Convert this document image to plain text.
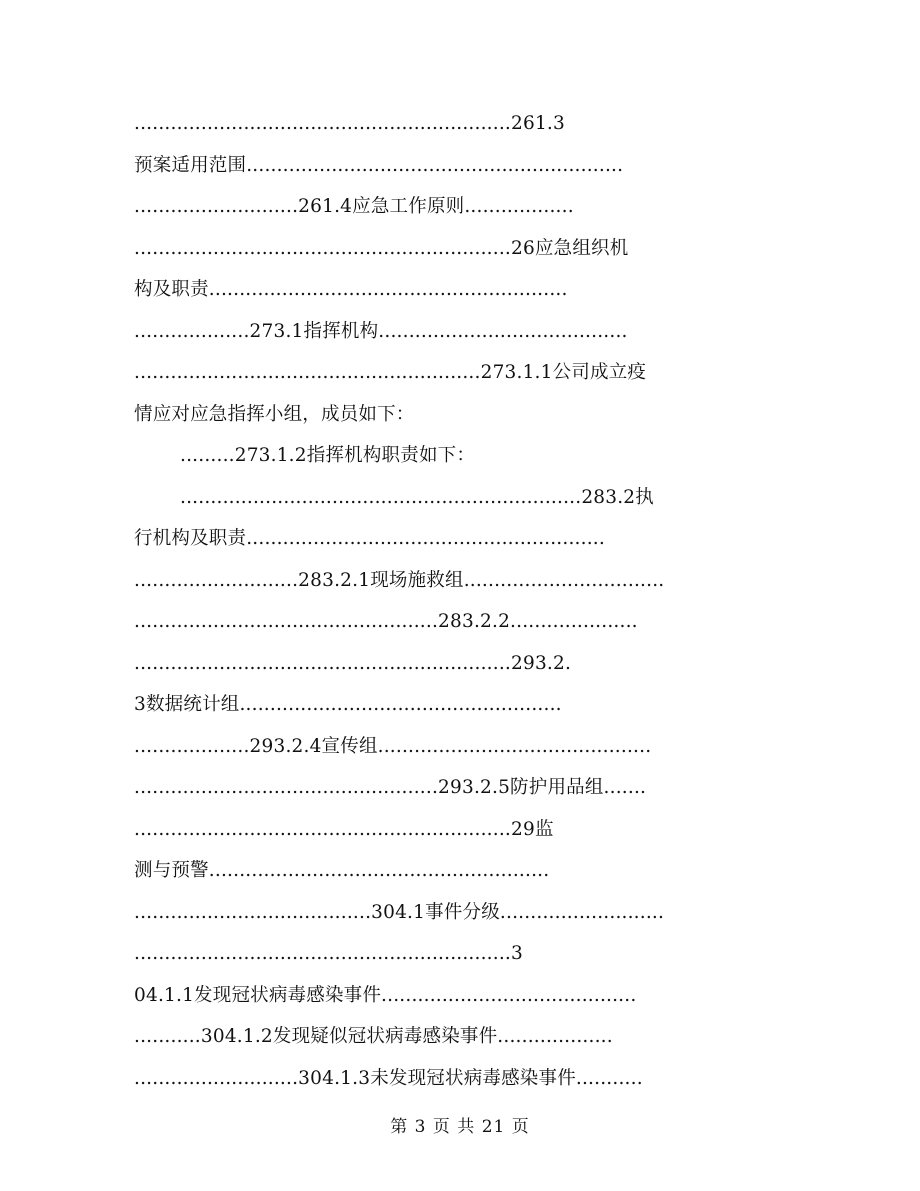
..............................................................261.3
预案适用范围..............................................................
...........................261.4应急工作原则..................
..............................................................26应急组织机
构及职责...........................................................
...................273.1指挥机构.........................................
.........................................................273.1.1公司成立疫
情应对应急指挥小组，成员如下：
.........273.1.2指挥机构职责如下：
..................................................................283.2执
行机构及职责...........................................................
...........................283.2.1现场施救组.................................
..................................................283.2.2.....................
..............................................................293.2.
3数据统计组.....................................................
...................293.2.4宣传组.............................................
..................................................293.2.5防护用品组.......
..............................................................29监
测与预警........................................................
.......................................304.1事件分级...........................
..............................................................3
04.1.1发现冠状病毒感染事件..........................................
...........304.1.2发现疑似冠状病毒感染事件...................
...........................304.1.3未发现冠状病毒感染事件...........
第 3 页 共 21 页
